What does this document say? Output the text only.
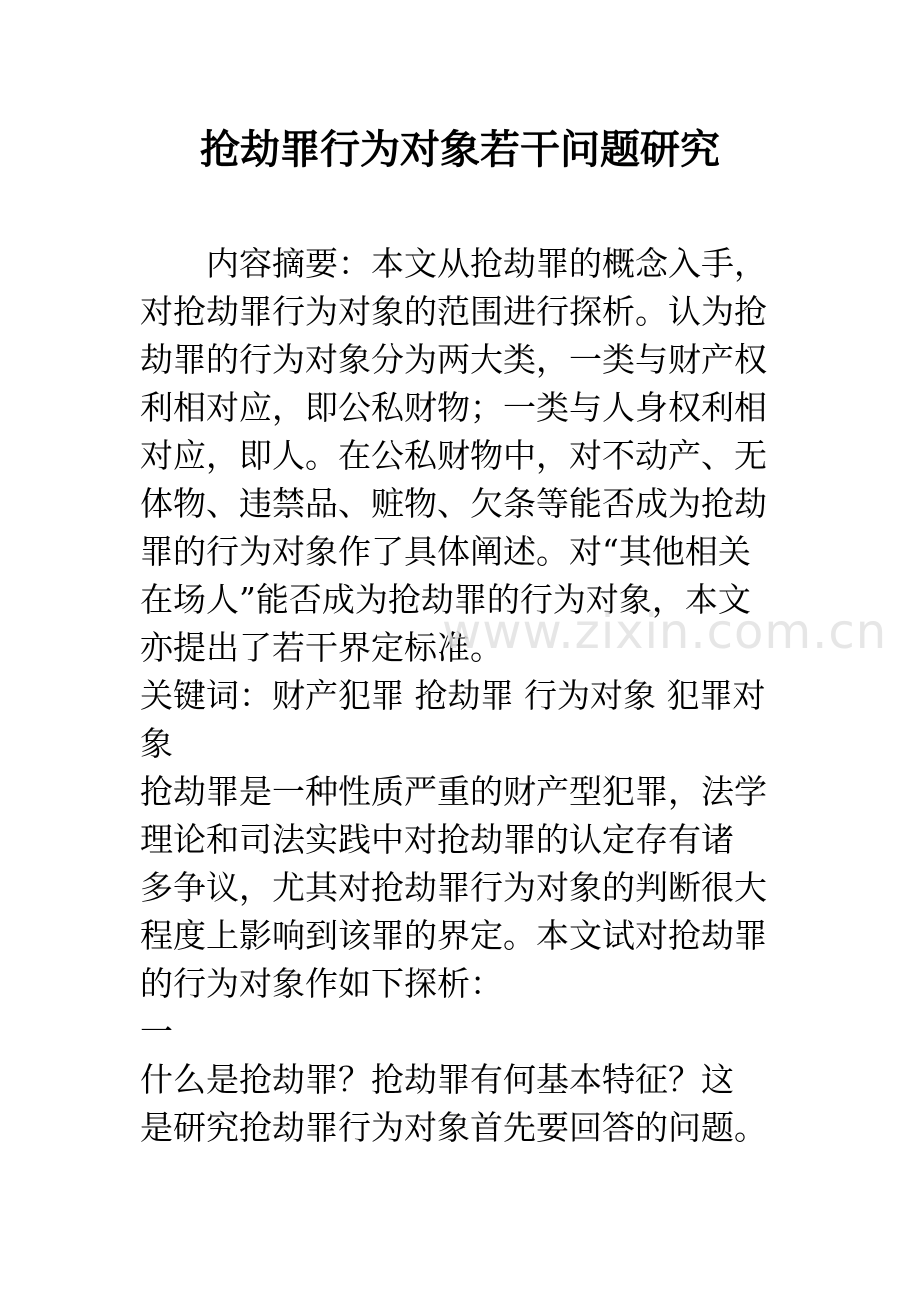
抢劫罪行为对象若干问题研究
　　内容摘要：本文从抢劫罪的概念入手，
对抢劫罪行为对象的范围进行探析。认为抢
劫罪的行为对象分为两大类，一类与财产权
利相对应，即公私财物；一类与人身权利相
对应，即人。在公私财物中，对不动产、无
体物、违禁品、赃物、欠条等能否成为抢劫
罪的行为对象作了具体阐述。对“其他相关
在场人”能否成为抢劫罪的行为对象，本文
亦提出了若干界定标准。
关键词：财产犯罪 抢劫罪 行为对象 犯罪对
象
抢劫罪是一种性质严重的财产型犯罪，法学
理论和司法实践中对抢劫罪的认定存有诸
多争议，尤其对抢劫罪行为对象的判断很大
程度上影响到该罪的界定。本文试对抢劫罪
的行为对象作如下探析：
一
什么是抢劫罪？抢劫罪有何基本特征？这
是研究抢劫罪行为对象首先要回答的问题。
www.zixin.com.cn
